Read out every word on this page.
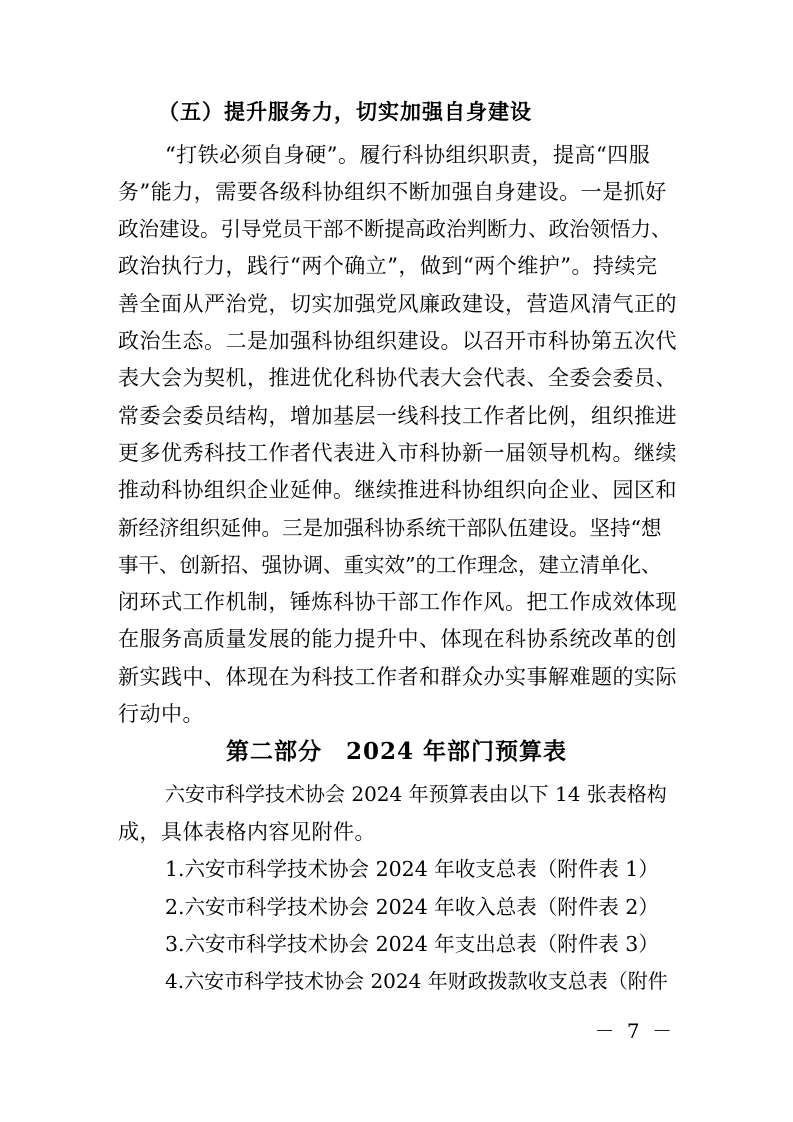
（五）提升服务力，切实加强自身建设
“打铁必须自身硬”。履行科协组织职责，提高“四服
务”能力，需要各级科协组织不断加强自身建设。一是抓好
政治建设。引导党员干部不断提高政治判断力、政治领悟力、
政治执行力，践行“两个确立”，做到“两个维护”。持续完
善全面从严治党，切实加强党风廉政建设，营造风清气正的
政治生态。二是加强科协组织建设。以召开市科协第五次代
表大会为契机，推进优化科协代表大会代表、全委会委员、
常委会委员结构，增加基层一线科技工作者比例，组织推进
更多优秀科技工作者代表进入市科协新一届领导机构。继续
推动科协组织企业延伸。继续推进科协组织向企业、园区和
新经济组织延伸。三是加强科协系统干部队伍建设。坚持“想
事干、创新招、强协调、重实效”的工作理念，建立清单化、
闭环式工作机制，锤炼科协干部工作作风。把工作成效体现
在服务高质量发展的能力提升中、体现在科协系统改革的创
新实践中、体现在为科技工作者和群众办实事解难题的实际
行动中。
第二部分　2024 年部门预算表
六安市科学技术协会 2024 年预算表由以下 14 张表格构
成，具体表格内容见附件。
1.六安市科学技术协会 2024 年收支总表（附件表 1）
2.六安市科学技术协会 2024 年收入总表（附件表 2）
3.六安市科学技术协会 2024 年支出总表（附件表 3）
4.六安市科学技术协会 2024 年财政拨款收支总表（附件
－ 7 －
